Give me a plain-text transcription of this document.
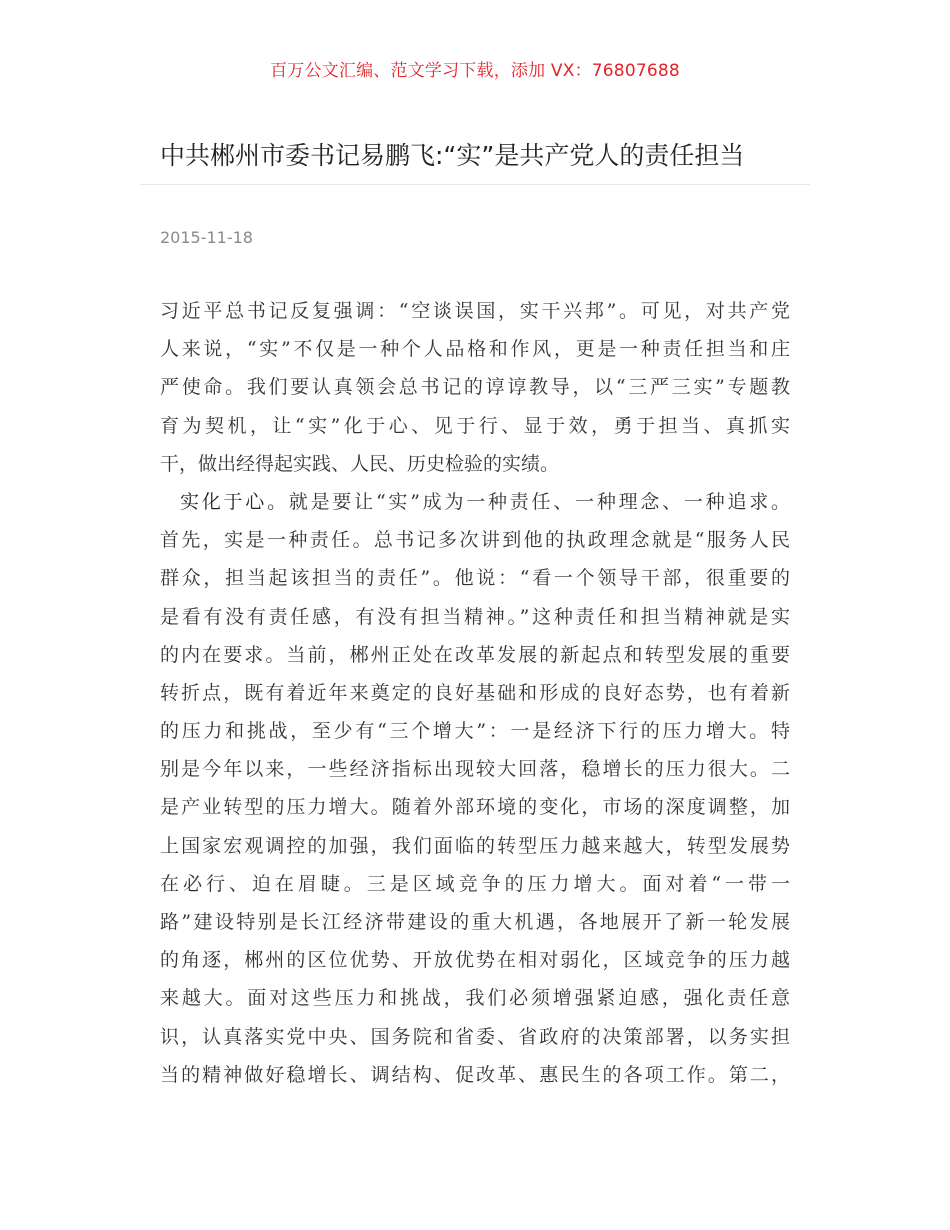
百万公文汇编、范文学习下载，添加 VX：76807688
中共郴州市委书记易鹏飞:“实”是共产党人的责任担当
2015-11-18
习近平总书记反复强调：“空谈误国，实干兴邦”。可见，对共产党
人来说，“实”不仅是一种个人品格和作风，更是一种责任担当和庄
严使命。我们要认真领会总书记的谆谆教导，以“三严三实”专题教
育为契机，让“实”化于心、见于行、显于效，勇于担当、真抓实
干，做出经得起实践、人民、历史检验的实绩。
实化于心。就是要让“实”成为一种责任、一种理念、一种追求。
首先，实是一种责任。总书记多次讲到他的执政理念就是“服务人民
群众，担当起该担当的责任”。他说：“看一个领导干部，很重要的
是看有没有责任感，有没有担当精神。”这种责任和担当精神就是实
的内在要求。当前，郴州正处在改革发展的新起点和转型发展的重要
转折点，既有着近年来奠定的良好基础和形成的良好态势，也有着新
的压力和挑战，至少有“三个增大”：一是经济下行的压力增大。特
别是今年以来，一些经济指标出现较大回落，稳增长的压力很大。二
是产业转型的压力增大。随着外部环境的变化，市场的深度调整，加
上国家宏观调控的加强，我们面临的转型压力越来越大，转型发展势
在必行、迫在眉睫。三是区域竞争的压力增大。面对着“一带一
路”建设特别是长江经济带建设的重大机遇，各地展开了新一轮发展
的角逐，郴州的区位优势、开放优势在相对弱化，区域竞争的压力越
来越大。面对这些压力和挑战，我们必须增强紧迫感，强化责任意
识，认真落实党中央、国务院和省委、省政府的决策部署，以务实担
当的精神做好稳增长、调结构、促改革、惠民生的各项工作。第二，
